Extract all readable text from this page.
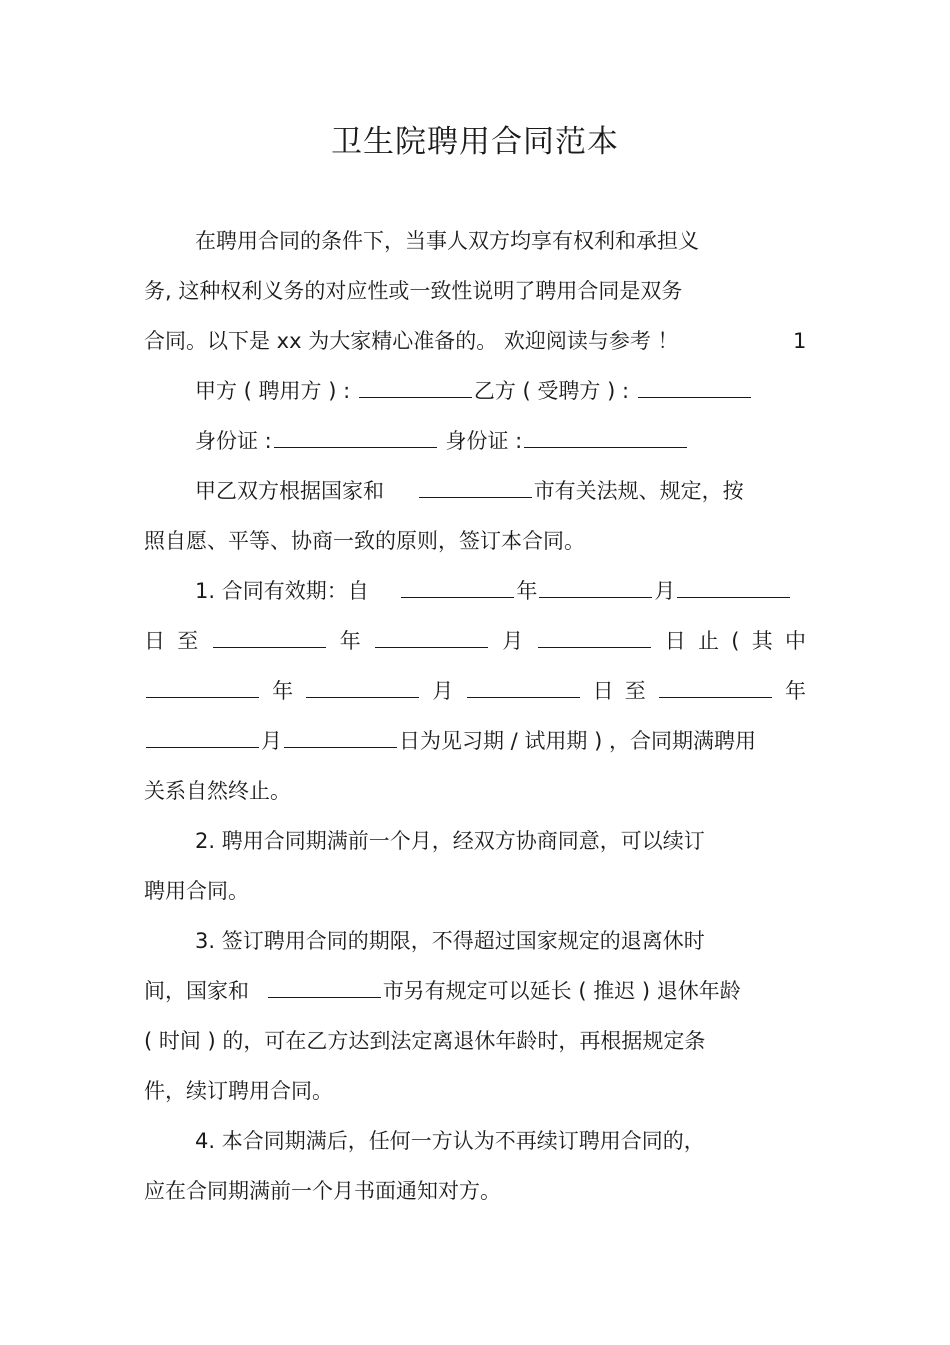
卫生院聘用合同范本
在聘用合同的条件下，当事人双方均享有权利和承担义
务, 这种权利义务的对应性或一致性说明了聘用合同是双务
合同。以下是 xx 为大家精心准备的。 欢迎阅读与参考 ！	1
甲方 ( 聘用方 ) :	乙方 ( 受聘方 ) :
身份证 :	身份证 :
甲乙双方根据国家和	市有关法规、规定，按
照自愿、平等、协商一致的原则，签订本合同。
1. 合同有效期：自	年	月
日 至	年	月	日 止 ( 其 中
年	月	日 至	年
月	日为见习期 / 试用期 ) ，合同期满聘用
关系自然终止。
2. 聘用合同期满前一个月，经双方协商同意，可以续订
聘用合同。
3. 签订聘用合同的期限，不得超过国家规定的退离休时
间，国家和	市另有规定可以延长 ( 推迟 ) 退休年龄
( 时间 ) 的，可在乙方达到法定离退休年龄时，再根据规定条
件，续订聘用合同。
4. 本合同期满后，任何一方认为不再续订聘用合同的，
应在合同期满前一个月书面通知对方。
